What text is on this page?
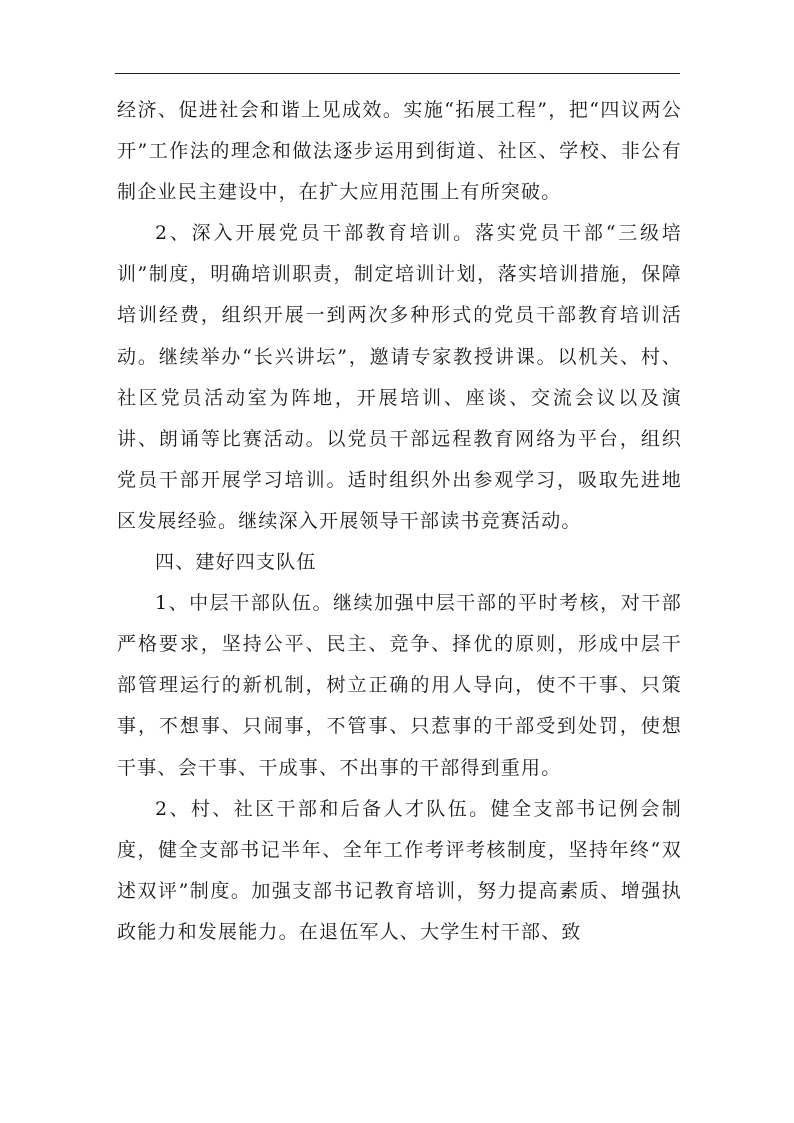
经济、促进社会和谐上见成效。实施“拓展工程”，把“四议两公开”工作法的理念和做法逐步运用到街道、社区、学校、非公有制企业民主建设中，在扩大应用范围上有所突破。

2、深入开展党员干部教育培训。落实党员干部“三级培训”制度，明确培训职责，制定培训计划，落实培训措施，保障培训经费，组织开展一到两次多种形式的党员干部教育培训活动。继续举办“长兴讲坛”，邀请专家教授讲课。以机关、村、社区党员活动室为阵地，开展培训、座谈、交流会议以及演讲、朗诵等比赛活动。以党员干部远程教育网络为平台，组织党员干部开展学习培训。适时组织外出参观学习，吸取先进地区发展经验。继续深入开展领导干部读书竞赛活动。

四、建好四支队伍

1、中层干部队伍。继续加强中层干部的平时考核，对干部严格要求，坚持公平、民主、竞争、择优的原则，形成中层干部管理运行的新机制，树立正确的用人导向，使不干事、只策事，不想事、只闹事，不管事、只惹事的干部受到处罚，使想干事、会干事、干成事、不出事的干部得到重用。

2、村、社区干部和后备人才队伍。健全支部书记例会制度，健全支部书记半年、全年工作考评考核制度，坚持年终“双述双评”制度。加强支部书记教育培训，努力提高素质、增强执政能力和发展能力。在退伍军人、大学生村干部、致
